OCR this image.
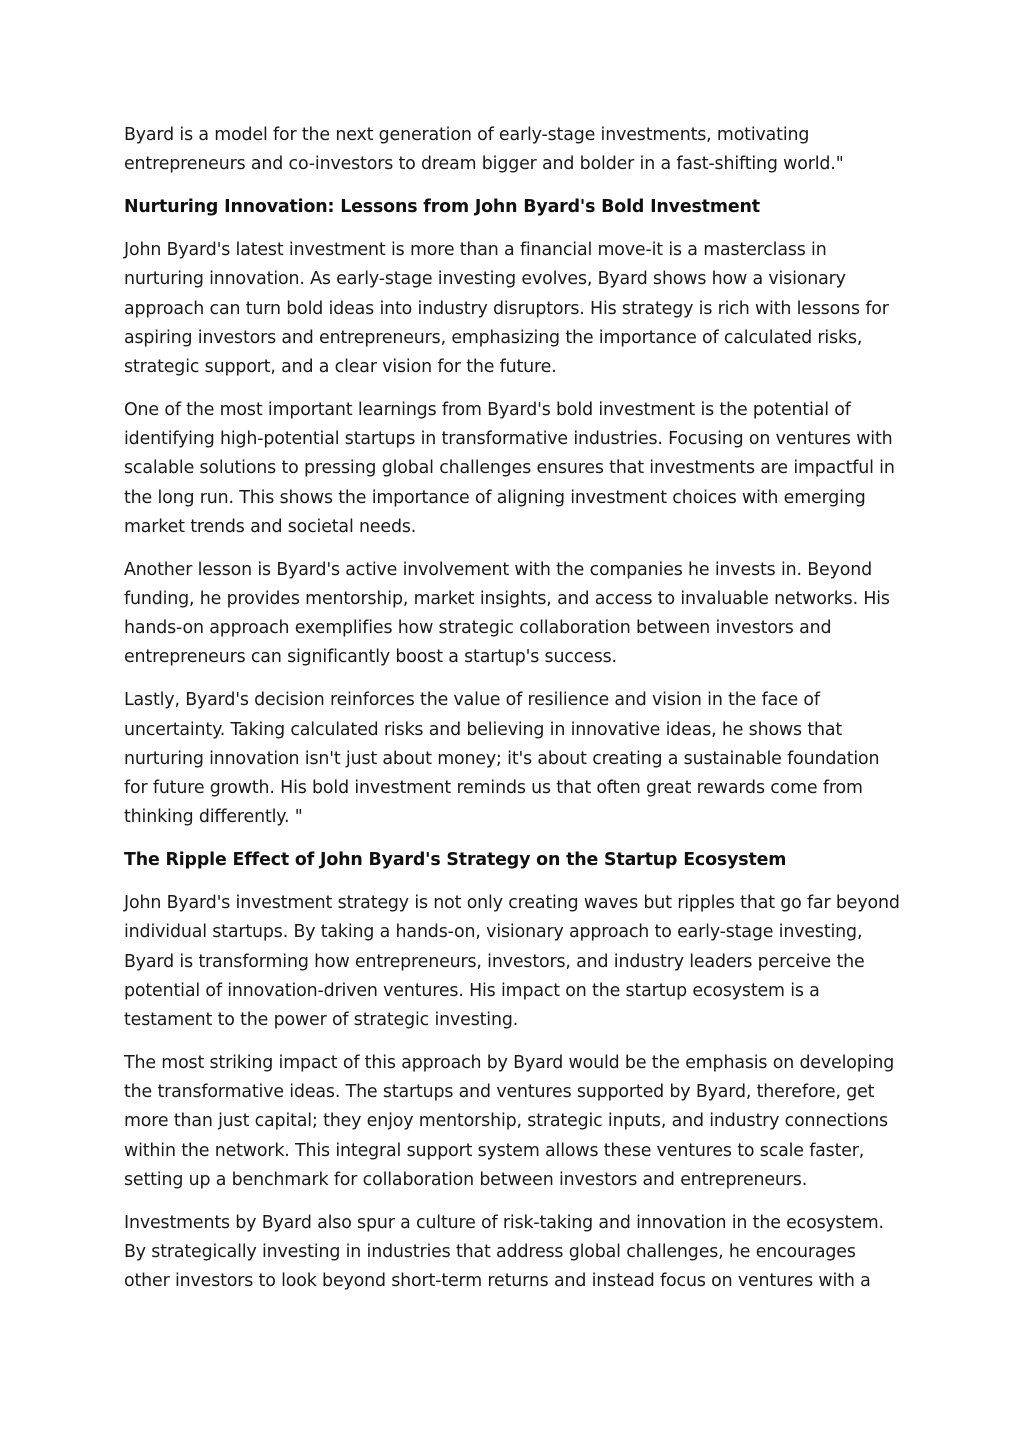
Byard is a model for the next generation of early-stage investments, motivating entrepreneurs and co-investors to dream bigger and bolder in a fast-shifting world."

Nurturing Innovation: Lessons from John Byard's Bold Investment

John Byard's latest investment is more than a financial move-it is a masterclass in nurturing innovation. As early-stage investing evolves, Byard shows how a visionary approach can turn bold ideas into industry disruptors. His strategy is rich with lessons for aspiring investors and entrepreneurs, emphasizing the importance of calculated risks, strategic support, and a clear vision for the future.

One of the most important learnings from Byard's bold investment is the potential of identifying high-potential startups in transformative industries. Focusing on ventures with scalable solutions to pressing global challenges ensures that investments are impactful in the long run. This shows the importance of aligning investment choices with emerging market trends and societal needs.

Another lesson is Byard's active involvement with the companies he invests in. Beyond funding, he provides mentorship, market insights, and access to invaluable networks. His hands-on approach exemplifies how strategic collaboration between investors and entrepreneurs can significantly boost a startup's success.

Lastly, Byard's decision reinforces the value of resilience and vision in the face of uncertainty. Taking calculated risks and believing in innovative ideas, he shows that nurturing innovation isn't just about money; it's about creating a sustainable foundation for future growth. His bold investment reminds us that often great rewards come from thinking differently. "

The Ripple Effect of John Byard's Strategy on the Startup Ecosystem

John Byard's investment strategy is not only creating waves but ripples that go far beyond individual startups. By taking a hands-on, visionary approach to early-stage investing, Byard is transforming how entrepreneurs, investors, and industry leaders perceive the potential of innovation-driven ventures. His impact on the startup ecosystem is a testament to the power of strategic investing.

The most striking impact of this approach by Byard would be the emphasis on developing the transformative ideas. The startups and ventures supported by Byard, therefore, get more than just capital; they enjoy mentorship, strategic inputs, and industry connections within the network. This integral support system allows these ventures to scale faster, setting up a benchmark for collaboration between investors and entrepreneurs.

Investments by Byard also spur a culture of risk-taking and innovation in the ecosystem. By strategically investing in industries that address global challenges, he encourages other investors to look beyond short-term returns and instead focus on ventures with a
